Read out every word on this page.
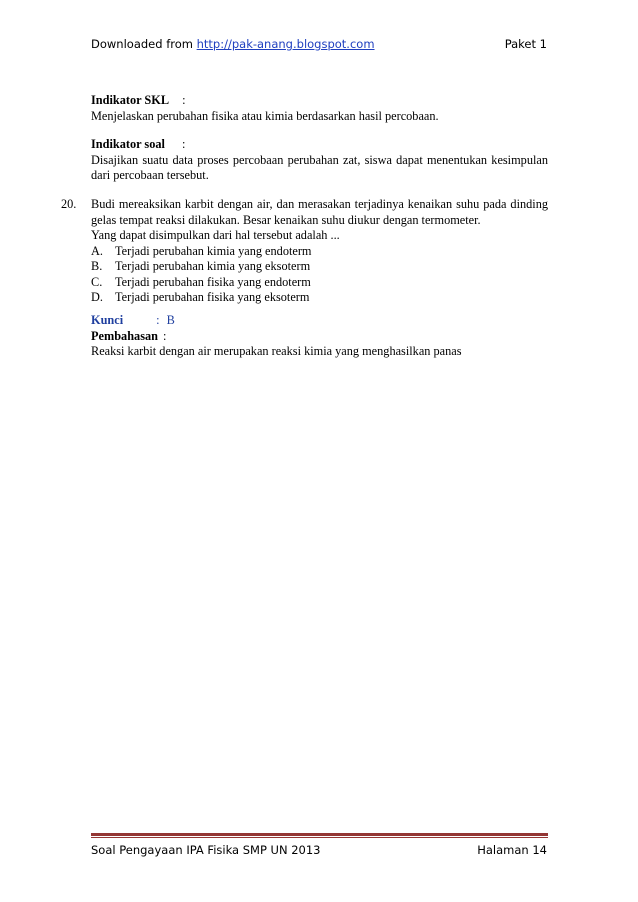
Downloaded from http://pak-anang.blogspot.com	Paket 1
Indikator SKL :
Menjelaskan perubahan fisika atau kimia berdasarkan hasil percobaan.
Indikator soal :
Disajikan suatu data proses percobaan perubahan zat, siswa dapat menentukan kesimpulan dari percobaan tersebut.
20. Budi mereaksikan karbit dengan air, dan merasakan terjadinya kenaikan suhu pada dinding gelas tempat reaksi dilakukan. Besar kenaikan suhu diukur dengan termometer.
Yang dapat disimpulkan dari hal tersebut adalah ...
A. Terjadi perubahan kimia yang endoterm
B.	Terjadi perubahan kimia yang eksoterm
C.	Terjadi perubahan fisika yang endoterm
D. Terjadi perubahan fisika yang eksoterm
Kunci	: B
Pembahasan :
Reaksi karbit dengan air merupakan reaksi kimia yang menghasilkan panas
Soal Pengayaan IPA Fisika SMP UN 2013	Halaman 14
